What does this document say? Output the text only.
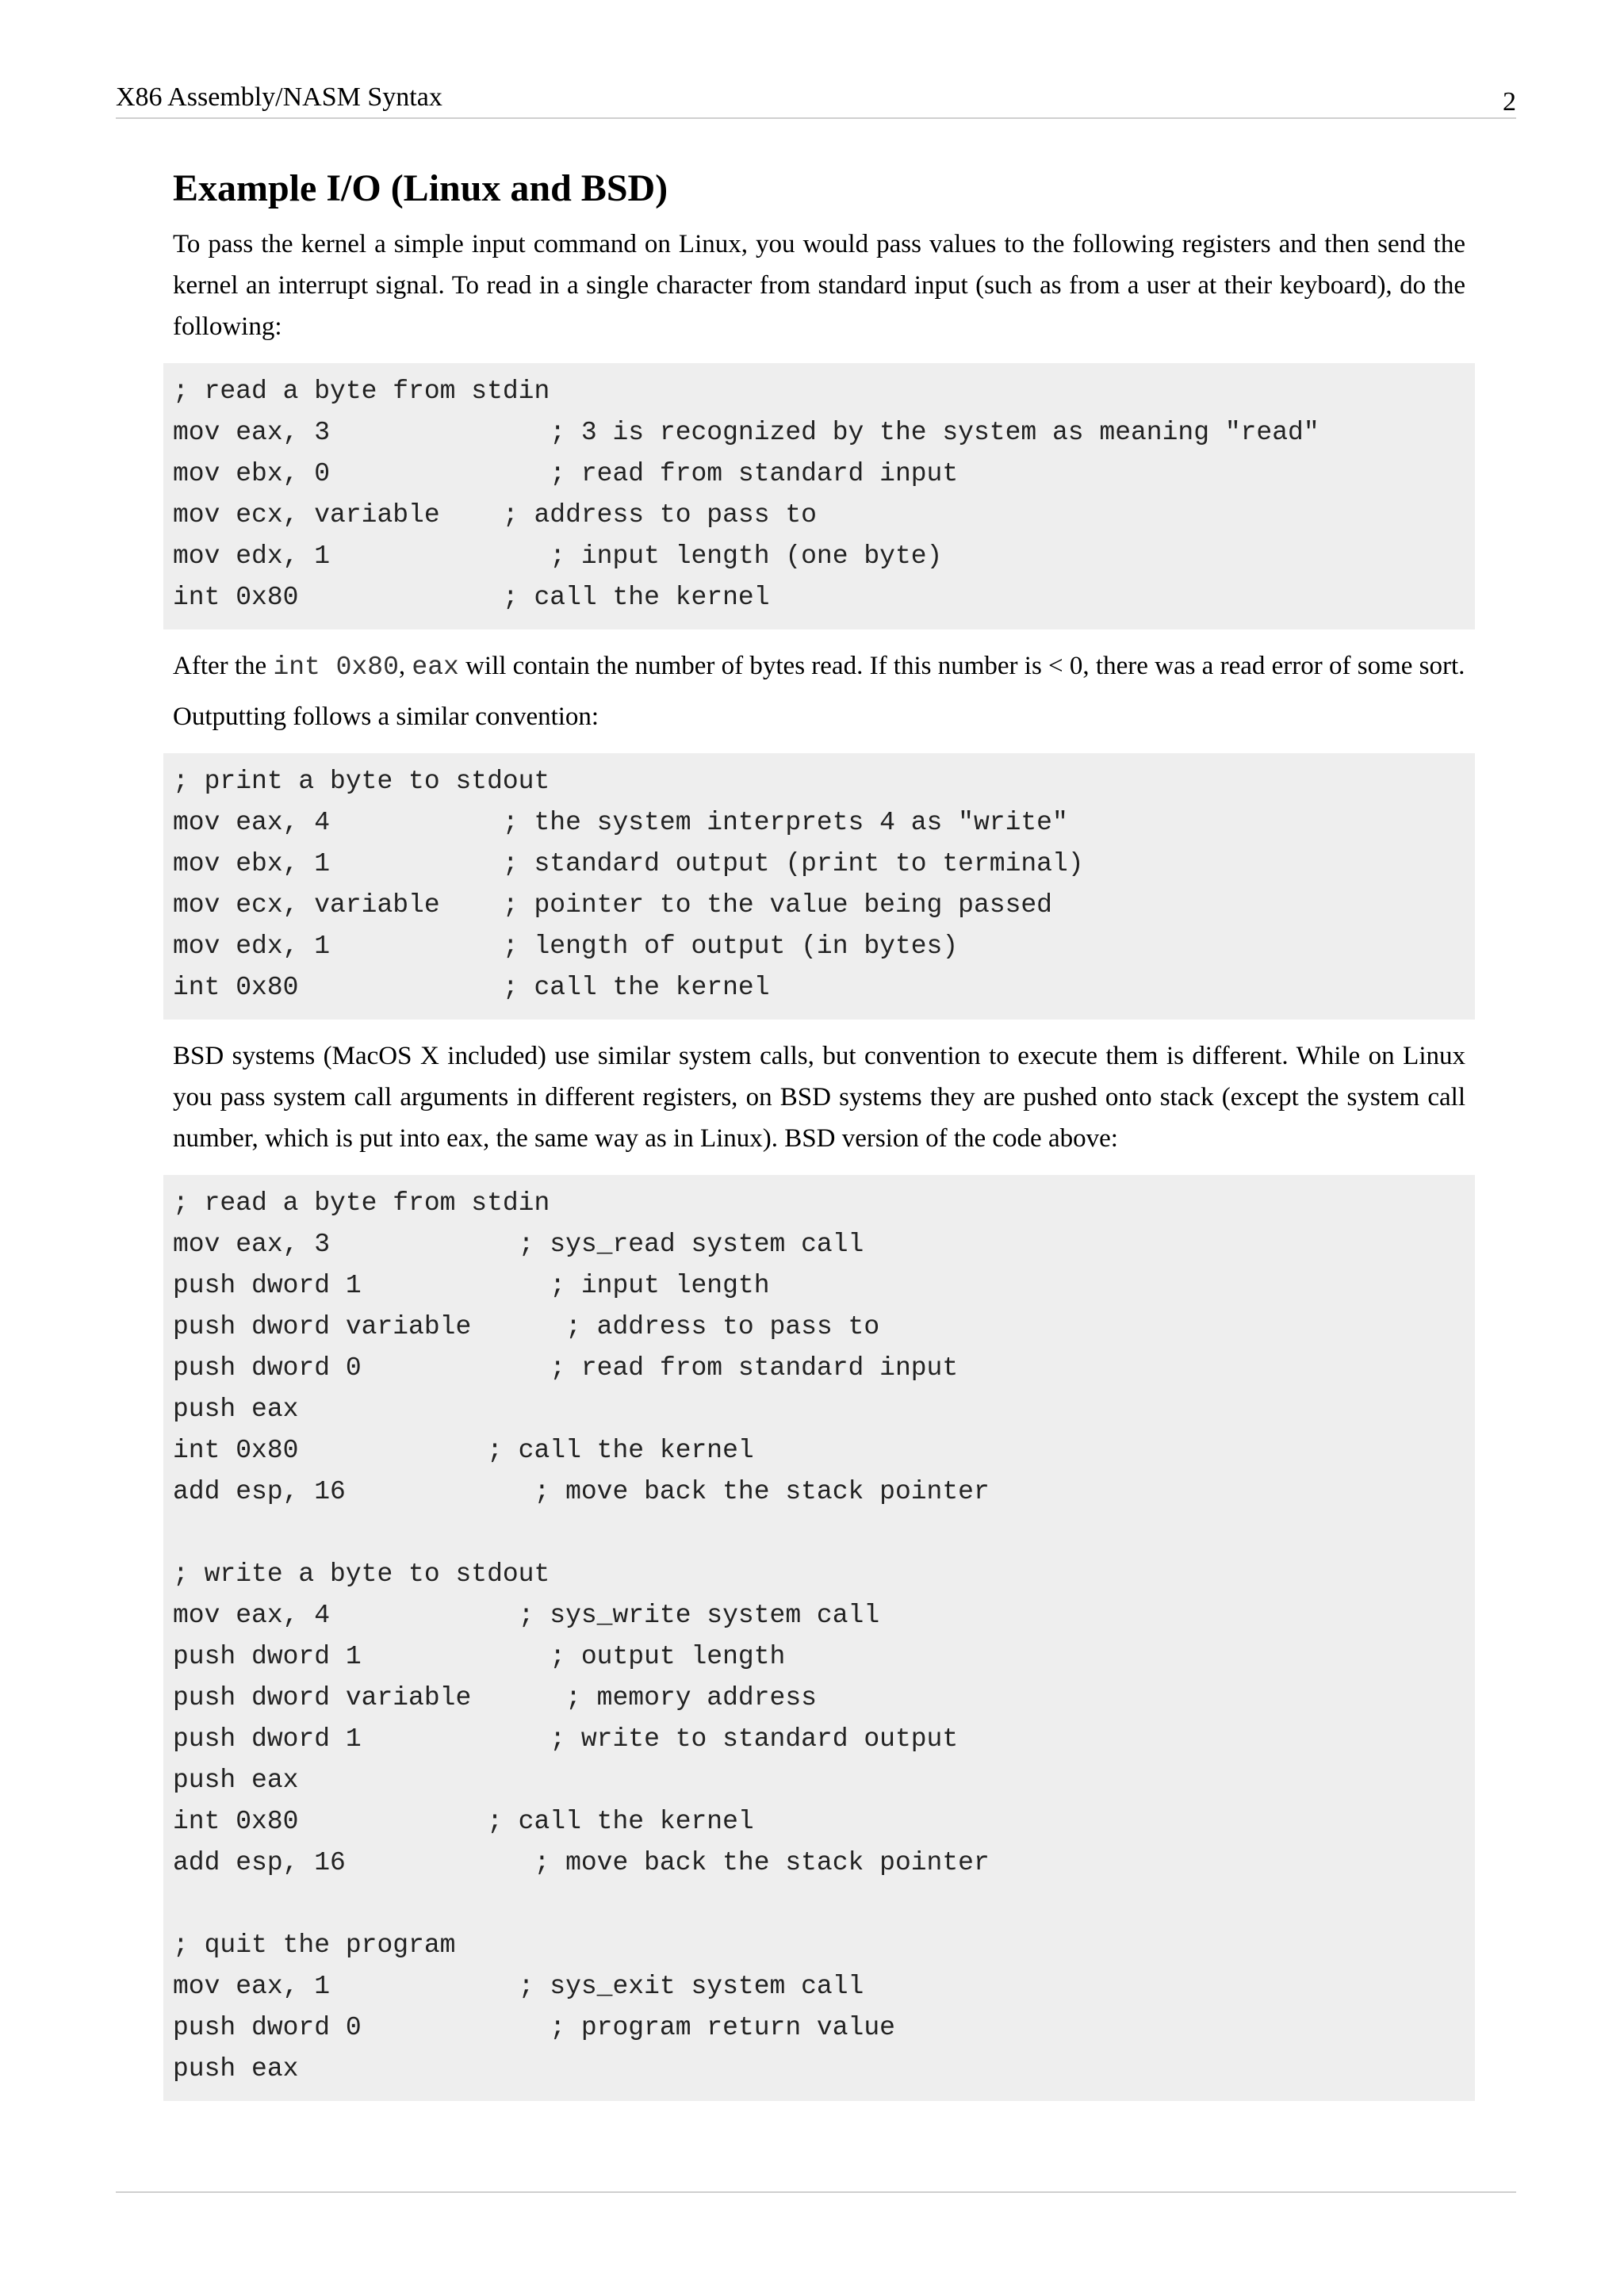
X86 Assembly/NASM Syntax	2
Example I/O (Linux and BSD)

To pass the kernel a simple input command on Linux, you would pass values to the following registers and then send the kernel an interrupt signal. To read in a single character from standard input (such as from a user at their keyboard), do the following:

; read a byte from stdin
mov eax, 3              ; 3 is recognized by the system as meaning "read"
mov ebx, 0              ; read from standard input
mov ecx, variable    ; address to pass to
mov edx, 1              ; input length (one byte)
int 0x80             ; call the kernel

After the int 0x80, eax will contain the number of bytes read. If this number is < 0, there was a read error of some sort.

Outputting follows a similar convention:

; print a byte to stdout
mov eax, 4           ; the system interprets 4 as "write"
mov ebx, 1           ; standard output (print to terminal)
mov ecx, variable    ; pointer to the value being passed
mov edx, 1           ; length of output (in bytes)
int 0x80             ; call the kernel

BSD systems (MacOS X included) use similar system calls, but convention to execute them is different. While on Linux you pass system call arguments in different registers, on BSD systems they are pushed onto stack (except the system call number, which is put into eax, the same way as in Linux). BSD version of the code above:

; read a byte from stdin
mov eax, 3            ; sys_read system call
push dword 1            ; input length
push dword variable      ; address to pass to
push dword 0            ; read from standard input
push eax
int 0x80            ; call the kernel
add esp, 16            ; move back the stack pointer
; write a byte to stdout
mov eax, 4            ; sys_write system call
push dword 1            ; output length
push dword variable      ; memory address
push dword 1            ; write to standard output
push eax
int 0x80            ; call the kernel
add esp, 16            ; move back the stack pointer
; quit the program
mov eax, 1            ; sys_exit system call
push dword 0            ; program return value
push eax
